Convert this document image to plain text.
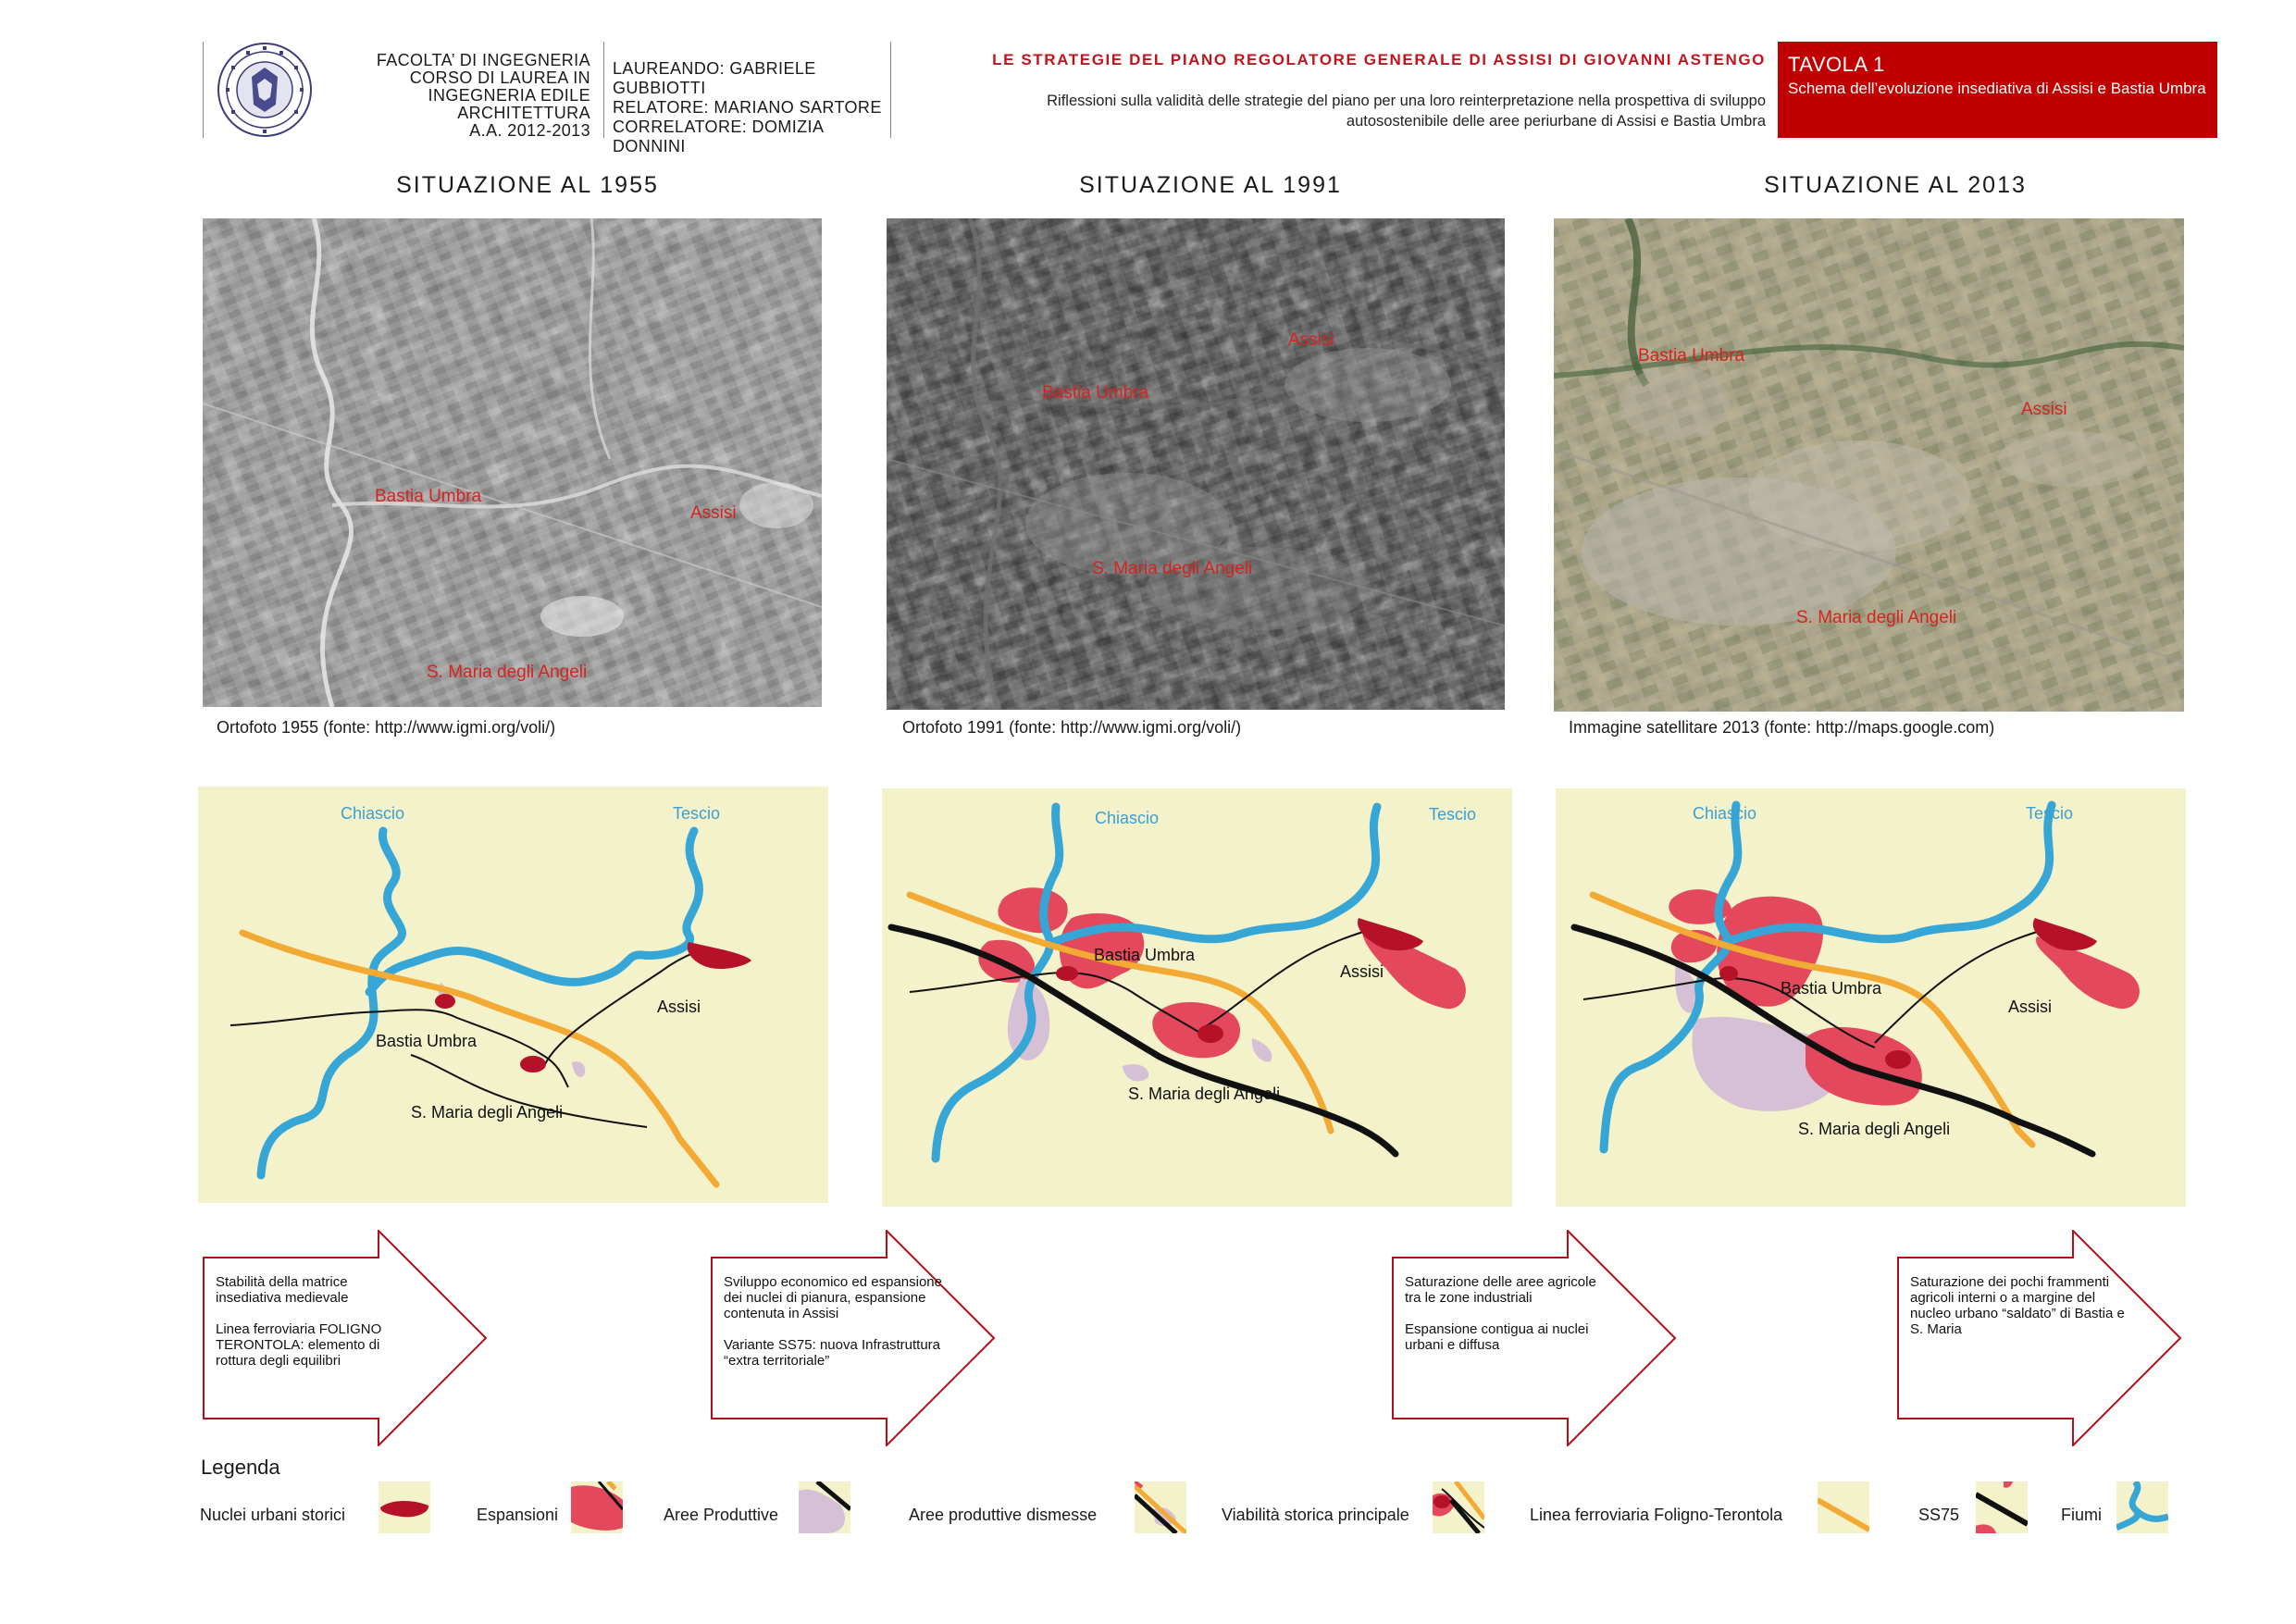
FACOLTA’ DI INGEGNERIA
CORSO DI LAUREA IN
INGEGNERIA EDILE ARCHITETTURA
A.A. 2012-2013
LAUREANDO: GABRIELE GUBBIOTTI
RELATORE: MARIANO SARTORE
CORRELATORE: DOMIZIA DONNINI
LE STRATEGIE DEL PIANO REGOLATORE GENERALE DI ASSISI DI GIOVANNI ASTENGO
Riflessioni sulla validità delle strategie del piano per una loro reinterpretazione nella prospettiva di sviluppo
autosostenibile delle aree periurbane di Assisi e Bastia Umbra
TAVOLA 1
Schema dell’evoluzione insediativa di Assisi e Bastia Umbra
SITUAZIONE AL 1955	SITUAZIONE AL 1991	SITUAZIONE AL 2013
Bastia Umbra
Assisi
S. Maria degli Angeli
Ortofoto 1955 (fonte: http://www.igmi.org/voli/)
Assisi
Bastia Umbra
S. Maria degli Angeli
Ortofoto 1991 (fonte: http://www.igmi.org/voli/)
Bastia Umbra
Assisi
S. Maria degli Angeli
Immagine satellitare 2013 (fonte: http://maps.google.com)
Chiascio	Tescio
Bastia Umbra
Assisi
S. Maria degli Angeli
Chiascio	Tescio
Bastia Umbra
Assisi
S. Maria degli Angeli
Chiascio	Tescio
Bastia Umbra
Assisi
S. Maria degli Angeli

Stabilità della matrice insediativa medievale

Linea ferroviaria FOLIGNO TERONTOLA: elemento di rottura degli equilibri

Sviluppo economico ed espansione dei nuclei di pianura, espansione contenuta in Assisi

Variante SS75: nuova Infrastruttura “extra territoriale”

Saturazione delle aree agricole tra le zone industriali

Espansione contigua ai nuclei urbani e diffusa

Saturazione dei pochi frammenti agricoli interni o a margine del nucleo urbano “saldato” di Bastia e S. Maria

Legenda
Nuclei urbani storici	Espansioni	Aree Produttive	Aree produttive dismesse	Viabilità storica principale	Linea ferroviaria Foligno-Terontola	SS75	Fiumi
